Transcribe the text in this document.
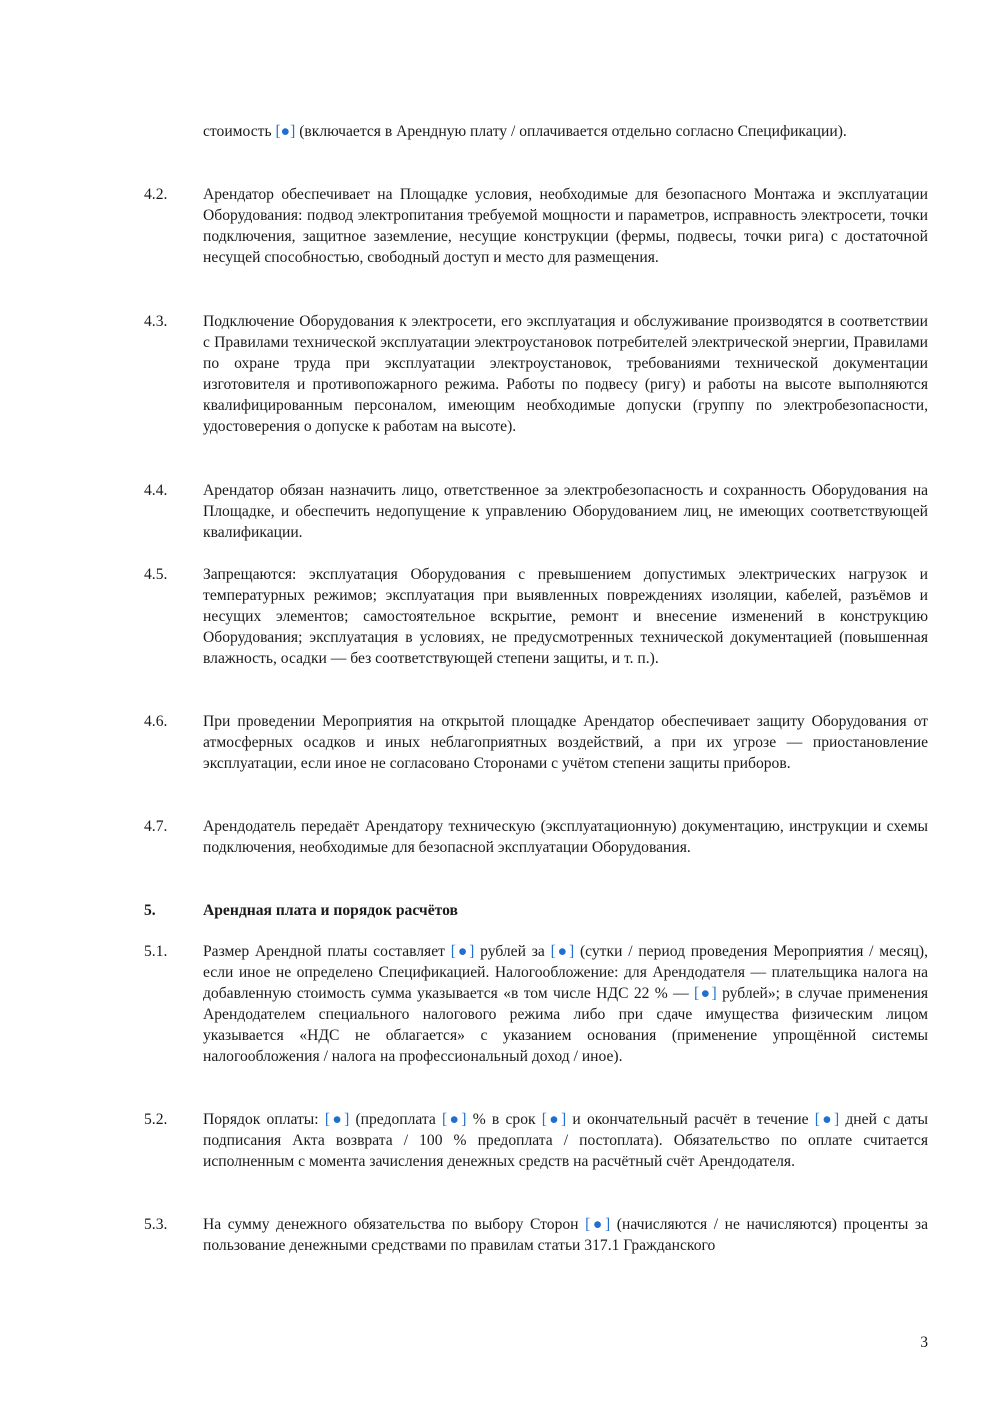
стоимость [●] (включается в Арендную плату / оплачивается отдельно согласно Спецификации).
4.2.	Арендатор обеспечивает на Площадке условия, необходимые для безопасного Монтажа и эксплуатации Оборудования: подвод электропитания требуемой мощности и параметров, исправность электросети, точки подключения, защитное заземление, несущие конструкции (фермы, подвесы, точки рига) с достаточной несущей способностью, свободный доступ и место для размещения.
4.3.	Подключение Оборудования к электросети, его эксплуатация и обслуживание производятся в соответствии с Правилами технической эксплуатации электроустановок потребителей электрической энергии, Правилами по охране труда при эксплуатации электроустановок, требованиями технической документации изготовителя и противопожарного режима. Работы по подвесу (ригу) и работы на высоте выполняются квалифицированным персоналом, имеющим необходимые допуски (группу по электробезопасности, удостоверения о допуске к работам на высоте).
4.4.	Арендатор обязан назначить лицо, ответственное за электробезопасность и сохранность Оборудования на Площадке, и обеспечить недопущение к управлению Оборудованием лиц, не имеющих соответствующей квалификации.
4.5.	Запрещаются: эксплуатация Оборудования с превышением допустимых электрических нагрузок и температурных режимов; эксплуатация при выявленных повреждениях изоляции, кабелей, разъёмов и несущих элементов; самостоятельное вскрытие, ремонт и внесение изменений в конструкцию Оборудования; эксплуатация в условиях, не предусмотренных технической документацией (повышенная влажность, осадки — без соответствующей степени защиты, и т. п.).
4.6.	При проведении Мероприятия на открытой площадке Арендатор обеспечивает защиту Оборудования от атмосферных осадков и иных неблагоприятных воздействий, а при их угрозе — приостановление эксплуатации, если иное не согласовано Сторонами с учётом степени защиты приборов.
4.7.	Арендодатель передаёт Арендатору техническую (эксплуатационную) документацию, инструкции и схемы подключения, необходимые для безопасной эксплуатации Оборудования.
5.	Арендная плата и порядок расчётов
5.1.	Размер Арендной платы составляет [●] рублей за [●] (сутки / период проведения Мероприятия / месяц), если иное не определено Спецификацией. Налогообложение: для Арендодателя — плательщика налога на добавленную стоимость сумма указывается «в том числе НДС 22 % — [●] рублей»; в случае применения Арендодателем специального налогового режима либо при сдаче имущества физическим лицом указывается «НДС не облагается» с указанием основания (применение упрощённой системы налогообложения / налога на профессиональный доход / иное).
5.2.	Порядок оплаты: [●] (предоплата [●] % в срок [●] и окончательный расчёт в течение [●] дней с даты подписания Акта возврата / 100 % предоплата / постоплата). Обязательство по оплате считается исполненным с момента зачисления денежных средств на расчётный счёт Арендодателя.
5.3.	На сумму денежного обязательства по выбору Сторон [●] (начисляются / не начисляются) проценты за пользование денежными средствами по правилам статьи 317.1 Гражданского
3
